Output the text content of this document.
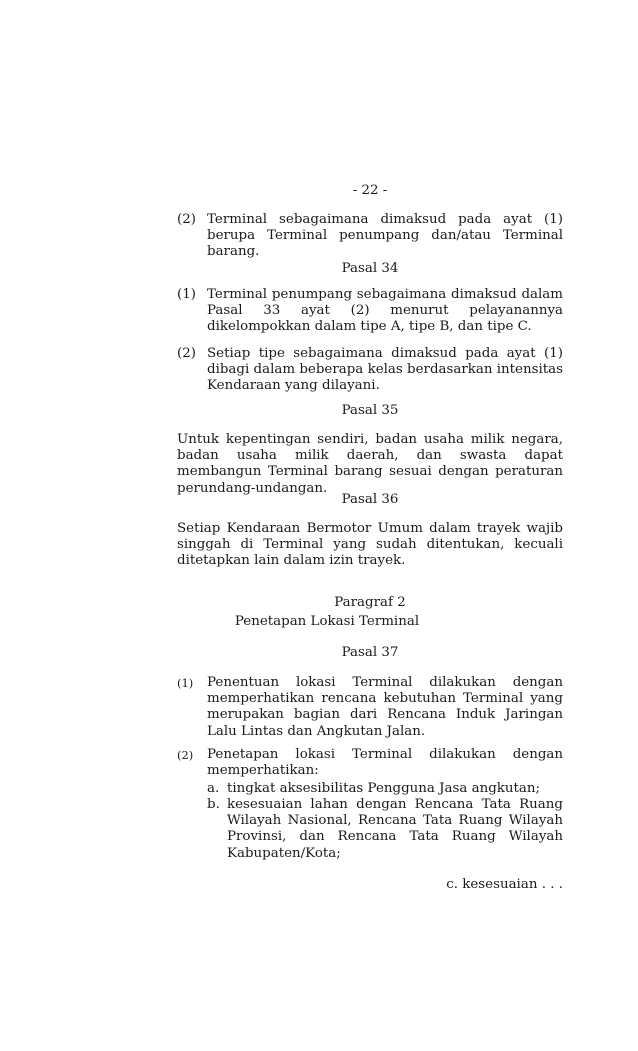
- 22 -
(2) Terminal sebagaimana dimaksud pada ayat (1) berupa Terminal penumpang dan/atau Terminal barang.
Pasal 34
(1) Terminal penumpang sebagaimana dimaksud dalam Pasal 33 ayat (2) menurut pelayanannya dikelompokkan dalam tipe A, tipe B, dan tipe C.
(2) Setiap tipe sebagaimana dimaksud pada ayat (1) dibagi dalam beberapa kelas berdasarkan intensitas Kendaraan yang dilayani.
Pasal 35

Untuk kepentingan sendiri, badan usaha milik negara, badan usaha milik daerah, dan swasta dapat membangun Terminal barang sesuai dengan peraturan perundang-undangan.

Pasal 36

Setiap Kendaraan Bermotor Umum dalam trayek wajib singgah di Terminal yang sudah ditentukan, kecuali ditetapkan lain dalam izin trayek.

Paragraf 2
Penetapan Lokasi Terminal
Pasal 37
(1)	Penentuan lokasi Terminal dilakukan dengan memperhatikan rencana kebutuhan Terminal yang merupakan bagian dari Rencana Induk Jaringan Lalu Lintas dan Angkutan Jalan.
(2)	Penetapan lokasi Terminal dilakukan dengan memperhatikan:
a. tingkat aksesibilitas Pengguna Jasa angkutan;
b. kesesuaian lahan dengan Rencana Tata Ruang Wilayah Nasional, Rencana Tata Ruang Wilayah Provinsi, dan Rencana Tata Ruang Wilayah Kabupaten/Kota;
c. kesesuaian . . .
